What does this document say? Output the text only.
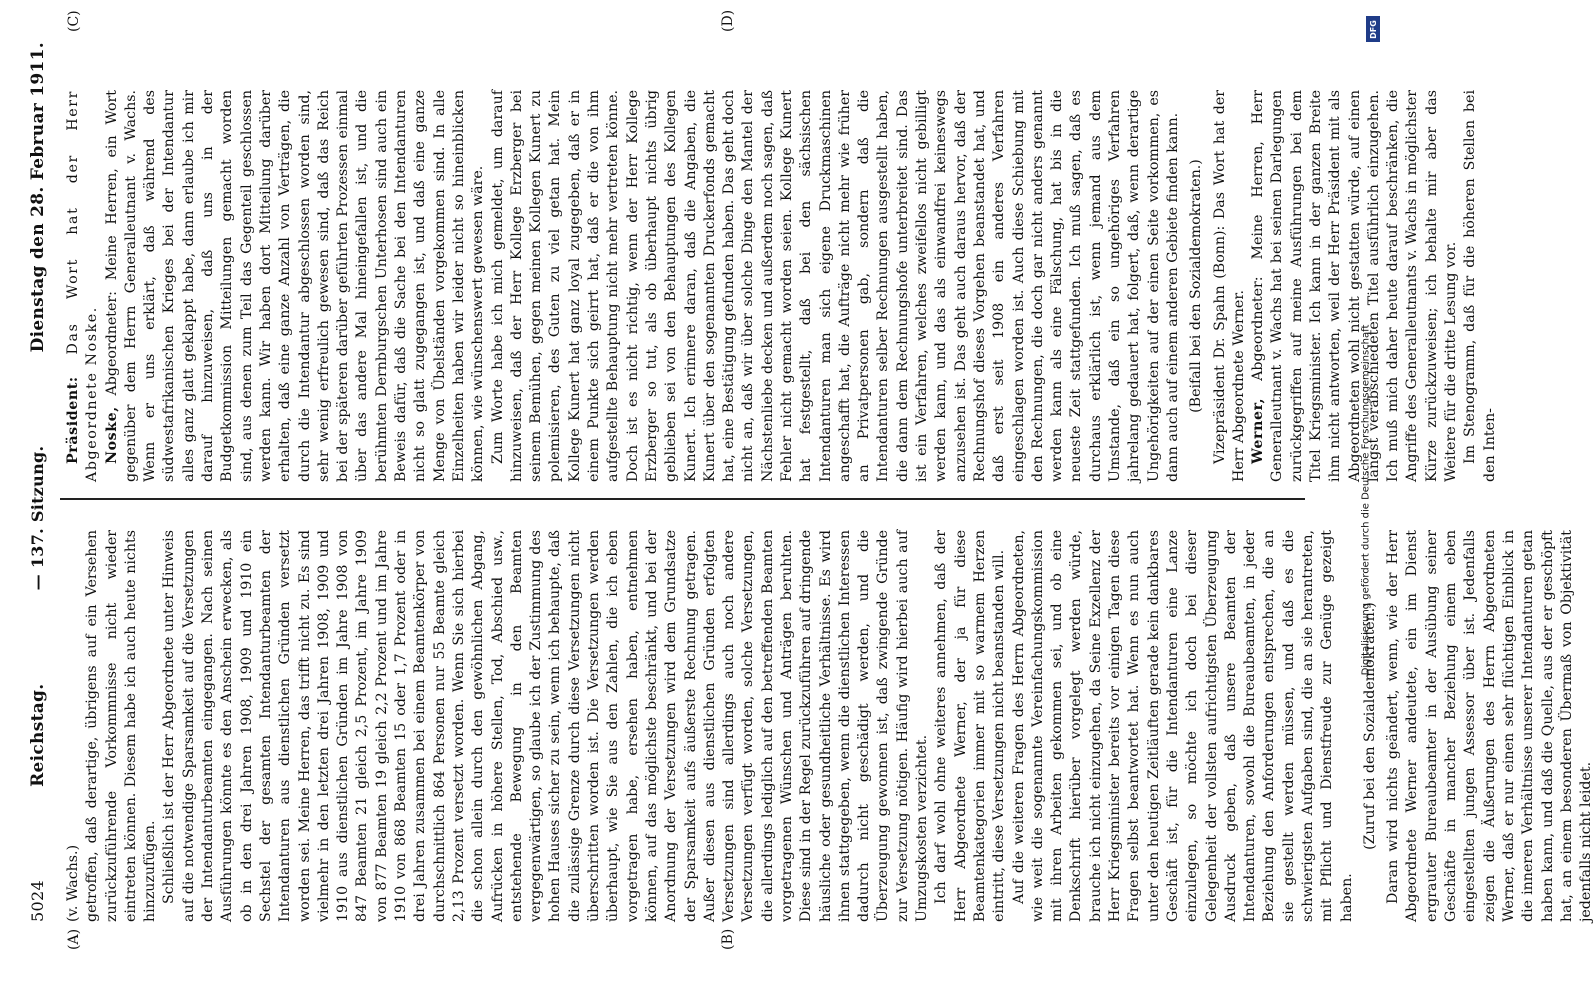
5024
Reichstag.
— 137. Sitzung.
Dienstag den 28. Februar 1911.
(A)	(B)
(C)	(D)

(v. Wachs.) getroffen, daß derartige, übrigens auf ein Versehen zurückzuführende Vorkommnisse nicht wieder eintreten können. Diesem habe ich auch heute nichts hinzuzufügen. Schließlich ist der Herr Abgeordnete unter Hinweis auf die notwendige Sparsamkeit auf die Versetzungen der Intendanturbeamten eingegangen. Nach seinen Ausführungen könnte es den Anschein erwecken, als ob in den drei Jahren 1908, 1909 und 1910 ein Sechstel der gesamten Intendanturbeamten der Intendanturen aus dienstlichen Gründen versetzt worden sei. Meine Herren, das trifft nicht zu. Es sind vielmehr in den letzten drei Jahren 1908, 1909 und 1910 aus dienstlichen Gründen im Jahre 1908 von 847 Beamten 21 gleich 2,5 Prozent, im Jahre 1909 von 877 Beamten 19 gleich 2,2 Prozent und im Jahre 1910 von 868 Beamten 15 oder 1,7 Prozent oder in drei Jahren zusammen bei einem Beamtenkörper von durchschnittlich 864 Personen nur 55 Beamte gleich 2,13 Prozent versetzt worden. Wenn Sie sich hierbei die schon allein durch den gewöhnlichen Abgang, Aufrücken in höhere Stellen, Tod, Abschied usw., entstehende Bewegung in den Beamten vergegenwärtigen, so glaube ich der Zustimmung des hohen Hauses sicher zu sein, wenn ich behaupte, daß die zulässige Grenze durch diese Versetzungen nicht überschritten worden ist. Die Versetzungen werden überhaupt, wie Sie aus den Zahlen, die ich eben vorgetragen habe, ersehen haben, entnehmen können, auf das möglichste beschränkt, und bei der Anordnung der Versetzungen wird dem Grundsatze der Sparsamkeit aufs äußerste Rechnung getragen. Außer diesen aus dienstlichen Gründen erfolgten Versetzungen sind allerdings auch noch andere Versetzungen verfügt worden, solche Versetzungen, die allerdings lediglich auf den betreffenden Beamten vorgetragenen Wünschen und Anträgen beruhten. Diese sind in der Regel zurückzuführen auf dringende häusliche oder gesundheitliche Verhältnisse. Es wird ihnen stattgegeben, wenn die dienstlichen Interessen dadurch nicht geschädigt werden, und die Überzeugung gewonnen ist, daß zwingende Gründe zur Versetzung nötigen. Häufig wird hierbei auch auf Umzugskosten verzichtet. Ich darf wohl ohne weiteres annehmen, daß der Herr Abgeordnete Werner, der ja für diese Beamtenkategorien immer mit so warmem Herzen eintritt, diese Versetzungen nicht beanstanden will. Auf die weiteren Fragen des Herrn Abgeordneten, wie weit die sogenannte Vereinfachungskommission mit ihren Arbeiten gekommen sei, und ob eine Denkschrift hierüber vorgelegt werden würde, brauche ich nicht einzugehen, da Seine Exzellenz der Herr Kriegsminister bereits vor einigen Tagen diese Fragen selbst beantwortet hat. Wenn es nun auch unter den heutigen Zeitläuften gerade kein dankbares Geschäft ist, für die Intendanturen eine Lanze einzulegen, so möchte ich doch bei dieser Gelegenheit der vollsten aufrichtigsten Überzeugung Ausdruck geben, daß unsere Beamten der Intendanturen, sowohl die Bureaubeamten, in jeder Beziehung den Anforderungen entsprechen, die an sie gestellt werden müssen, und daß es die schwierigsten Aufgaben sind, die an sie herantreten, mit Pflicht und Dienstfreude zur Genüge gezeigt haben.

(Zuruf bei den Sozialdemokraten.) Daran wird nichts geändert, wenn, wie der Herr Abgeordnete Werner andeutete, ein im Dienst ergrauter Bureaubeamter in der Ausübung seiner Geschäfte in mancher Beziehung einem eben eingestellten jungen Assessor über ist. Jedenfalls zeigen die Äußerungen des Herrn Abgeordneten Werner, daß er nur einen sehr flüchtigen Einblick in die inneren Verhältnisse unserer Intendanturen getan haben kann, und daß die Quelle, aus der er geschöpft hat, an einem besonderen Übermaß von Objektivität jedenfalls nicht leidet.

Präsident: Das Wort hat der Herr Abgeordnete Noske. Noske, Abgeordneter: Meine Herren, ein Wort gegenüber dem Herrn Generalleutnant v. Wachs. Wenn er uns erklärt, daß während des südwestafrikanischen Krieges bei der Intendantur alles ganz glatt geklappt habe, dann erlaube ich mir darauf hinzuweisen, daß uns in der Budgetkommission Mitteilungen gemacht worden sind, aus denen zum Teil das Gegenteil geschlossen werden kann. Wir haben dort Mitteilung darüber erhalten, daß eine ganze Anzahl von Verträgen, die durch die Intendantur abgeschlossen worden sind, sehr wenig erfreulich gewesen sind, daß das Reich bei der späteren darüber geführten Prozessen einmal über das andere Mal hineingefallen ist, und die berühmten Dernburgschen Unterhosen sind auch ein Beweis dafür, daß die Sache bei den Intendanturen nicht so glatt zugegangen ist, und daß eine ganze Menge von Übelständen vorgekommen sind. In alle Einzelheiten haben wir leider nicht so hineinblicken können, wie wünschenswert gewesen wäre. Zum Worte habe ich mich gemeldet, um darauf hinzuweisen, daß der Herr Kollege Erzberger bei seinem Bemühen, gegen meinen Kollegen Kunert zu polemisieren, des Guten zu viel getan hat. Mein Kollege Kunert hat ganz loyal zugegeben, daß er in einem Punkte sich geirrt hat, daß er die von ihm aufgestellte Behauptung nicht mehr vertreten könne. Doch ist es nicht richtig, wenn der Herr Kollege Erzberger so tut, als ob überhaupt nichts übrig geblieben sei von den Behauptungen des Kollegen Kunert. Ich erinnere daran, daß die Angaben, die Kunert über den sogenannten Druckerfonds gemacht hat, eine Bestätigung gefunden haben. Das geht doch nicht an, daß wir über solche Dinge den Mantel der Nächstenliebe decken und außerdem noch sagen, daß Fehler nicht gemacht worden seien. Kollege Kunert hat festgestellt, daß bei den sächsischen Intendanturen man sich eigene Druckmaschinen angeschafft hat, die Aufträge nicht mehr wie früher an Privatpersonen gab, sondern daß die Intendanturen selber Rechnungen ausgestellt haben, die dann dem Rechnungshofe unterbreitet sind. Das ist ein Verfahren, welches zweifellos nicht gebilligt werden kann, und das als einwandfrei keineswegs anzusehen ist. Das geht auch daraus hervor, daß der Rechnungshof dieses Vorgehen beanstandet hat, und daß erst seit 1908 ein anderes Verfahren eingeschlagen worden ist. Auch diese Schiebung mit den Rechnungen, die doch gar nicht anders genannt werden kann als eine Fälschung, hat bis in die neueste Zeit stattgefunden. Ich muß sagen, daß es durchaus erklärlich ist, wenn jemand aus dem Umstande, daß ein so ungehöriges Verfahren jahrelang gedauert hat, folgert, daß, wenn derartige Ungehörigkeiten auf der einen Seite vorkommen, es dann auch auf einem anderen Gebiete finden kann. (Beifall bei den Sozialdemokraten.) Vizepräsident Dr. Spahn (Bonn): Das Wort hat der Herr Abgeordnete Werner. Werner, Abgeordneter: Meine Herren, Herr Generalleutnant v. Wachs hat bei seinen Darlegungen zurückgegriffen auf meine Ausführungen bei dem Titel Kriegsminister. Ich kann in der ganzen Breite ihm nicht antworten, weil der Herr Präsident mit als Abgeordneten wohl nicht gestatten würde, auf einen längst verabschiedeten Titel ausführlich einzugehen. Ich muß mich daher heute darauf beschränken, die Angriffe des Generalleutnants v. Wachs in möglichster Kürze zurückzuweisen; ich behalte mir aber das Weitere für die dritte Lesung vor. Im Stenogramm, daß für die höheren Stellen bei den Inten-

DFG
Digitalisierung gefördert durch die Deutsche Forschungsgemeinschaft
